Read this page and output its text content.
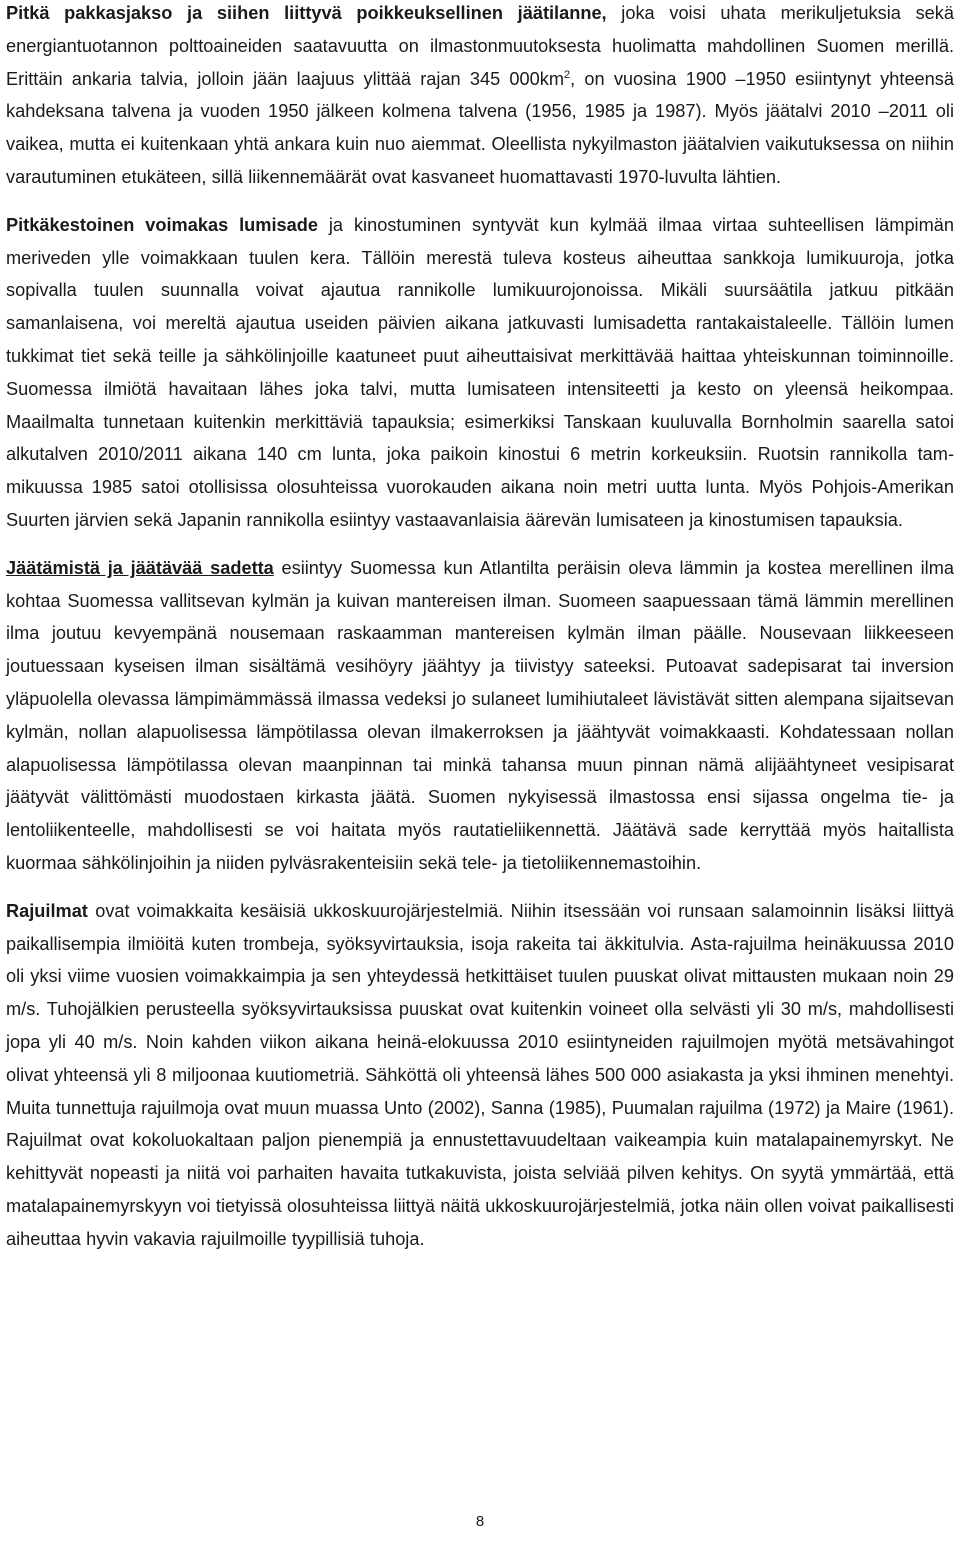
Pitkä pakkasjakso ja siihen liittyvä poikkeuksellinen jäätilanne, joka voisi uhata merikuljetuksia sekä energiantuotannon polttoaineiden saatavuutta on ilmastonmuutoksesta huolimatta mahdollinen Suomen merillä. Erittäin ankaria talvia, jolloin jään laajuus ylittää rajan 345 $000km^2$, on vuosina 1900 –1950 esiintynyt yhteensä kahdeksana talvena ja vuoden 1950 jälkeen kolmena talvena (1956, 1985 ja 1987). Myös jäätalvi 2010 –2011 oli vaikea, mutta ei kuitenkaan yhtä ankara kuin nuo aiemmat. Oleellista nykyilmaston jäätalvien vaikutuksessa on niihin varautuminen etukäteen, sillä liikennemäärät ovat kasvaneet huomattavasti 1970-luvulta lähtien.

Pitkäkestoinen voimakas lumisade ja kinostuminen syntyvät kun kylmää ilmaa virtaa suhteellisen lämpimän meriveden ylle voimakkaan tuulen kera. Tällöin merestä tuleva kosteus aiheuttaa sankkoja lumikuuroja, jotka sopivalla tuulen suunnalla voivat ajautua rannikolle lumikuurojonoissa. Mikäli suursäätila jatkuu pitkään samanlaisena, voi mereltä ajautua useiden päivien aikana jatkuvasti lumisadetta rantakaistaleelle. Tällöin lumen tukkimat tiet sekä teille ja sähkölinjoille kaatuneet puut aiheuttaisivat merkittävää haittaa yhteiskunnan toiminnoille. Suomessa ilmiötä havaitaan lähes joka talvi, mutta lumisateen intensiteetti ja kesto on yleensä heikompaa. Maailmalta tunnetaan kuitenkin merkittäviä tapauksia; esimerkiksi Tanskaan kuuluvalla Bornholmin saarella satoi alkutalven 2010/2011 aikana 140 cm lunta, joka paikoin kinostui 6 metrin korkeuksiin. Ruotsin rannikolla tammikuussa 1985 satoi otollisissa olosuhteissa vuorokauden aikana noin metri uutta lunta. Myös Pohjois-Amerikan Suurten järvien sekä Japanin rannikolla esiintyy vastaavanlaisia äärevän lumisateen ja kinostumisen tapauksia.

Jäätämistä ja jäätävää sadetta esiintyy Suomessa kun Atlantilta peräisin oleva lämmin ja kostea merellinen ilma kohtaa Suomessa vallitsevan kylmän ja kuivan mantereisen ilman. Suomeen saapuessaan tämä lämmin merellinen ilma joutuu kevyempänä nousemaan raskaamman mantereisen kylmän ilman päälle. Nousevaan liikkeeseen joutuessaan kyseisen ilman sisältämä vesihöyry jäähtyy ja tiivistyy sateeksi. Putoavat sadepisarat tai inversion yläpuolella olevassa lämpimämmässä ilmassa vedeksi jo sulaneet lumihiutaleet lävistävät sitten alempana sijaitsevan kylmän, nollan alapuolisessa lämpötilassa olevan ilmakerroksen ja jäähtyvät voimakkaasti. Kohdatessaan nollan alapuolisessa lämpötilassa olevan maanpinnan tai minkä tahansa muun pinnan nämä alijäähtyneet vesipisarat jäätyvät välittömästi muodostaen kirkasta jäätä. Suomen nykyisessä ilmastossa ensi sijassa ongelma tie- ja lentoliikenteelle, mahdollisesti se voi haitata myös rautatieliikennettä. Jäätävä sade kerryttää myös haitallista kuormaa sähkölinjoihin ja niiden pylväsrakenteisiin sekä tele- ja tietoliikennemastoihin.

Rajuilmat ovat voimakkaita kesäisiä ukkoskuurojärjestelmiä. Niihin itsessään voi runsaan salamoinnin lisäksi liittyä paikallisempia ilmiöitä kuten trombeja, syöksyvirtauksia, isoja rakeita tai äkkitulvia. Asta-rajuilma heinäkuussa 2010 oli yksi viime vuosien voimakkaimpia ja sen yhteydessä hetkittäiset tuulen puuskat olivat mittausten mukaan noin 29 m/s. Tuhojälkien perusteella syöksyvirtauksissa puuskat ovat kuitenkin voineet olla selvästi yli 30 m/s, mahdollisesti jopa yli 40 m/s. Noin kahden viikon aikana heinä-elokuussa 2010 esiintyneiden rajuilmojen myötä metsävahingot olivat yhteensä yli 8 miljoonaa kuutiometriä. Sähköttä oli yhteensä lähes 500 000 asiakasta ja yksi ihminen menehtyi. Muita tunnettuja rajuilmoja ovat muun muassa Unto (2002), Sanna (1985), Puumalan rajuilma (1972) ja Maire (1961). Rajuilmat ovat kokoluokaltaan paljon pienempiä ja ennustettavuudeltaan vaikeampia kuin matalapainemyrskyt. Ne kehittyvät nopeasti ja niitä voi parhaiten havaita tutkakuvista, joista selviää pilven kehitys. On syytä ymmärtää, että matalapainemyrskyyn voi tietyissä olosuhteissa liittyä näitä ukkoskuurojärjestelmiä, jotka näin ollen voivat paikallisesti aiheuttaa hyvin vakavia rajuilmoille tyypillisiä tuhoja.

8
